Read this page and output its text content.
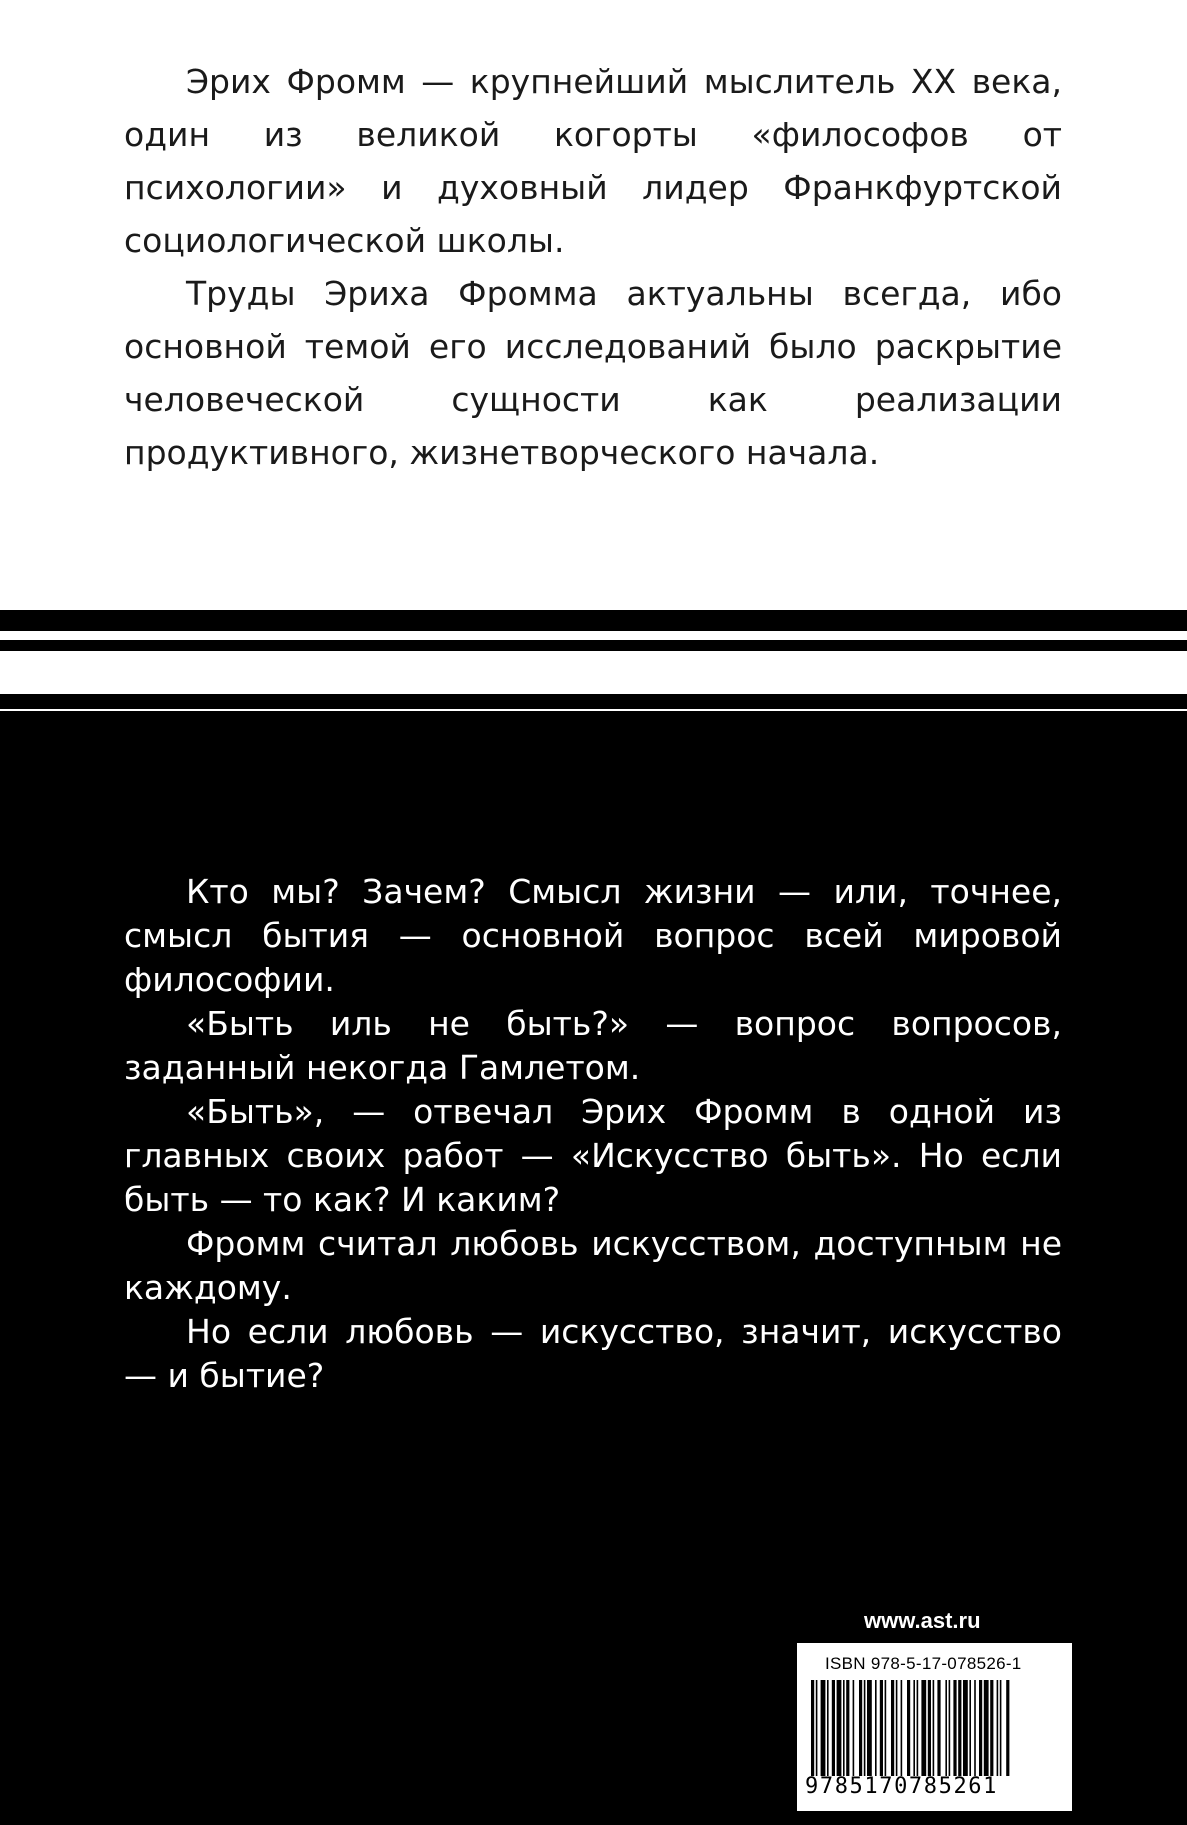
Эрих Фромм — крупнейший мыслитель XX века, один из великой когорты «философов от психологии» и духовный лидер Франкфуртской социологической школы.

Труды Эриха Фромма актуальны всегда, ибо основной темой его исследований было раскрытие человеческой сущности как реализации продуктивного, жизнетворческого начала.

Кто мы? Зачем? Смысл жизни — или, точнее, смысл бытия — основной вопрос всей мировой философии.

«Быть иль не быть?» — вопрос вопросов, заданный некогда Гамлетом.

«Быть», — отвечал Эрих Фромм в одной из главных своих работ — «Искусство быть». Но если быть — то как? И каким?

Фромм считал любовь искусством, доступным не каждому.

Но если любовь — искусство, значит, искусство — и бытие?

www.ast.ru
ISBN 978-5-17-078526-1
9785170785261
